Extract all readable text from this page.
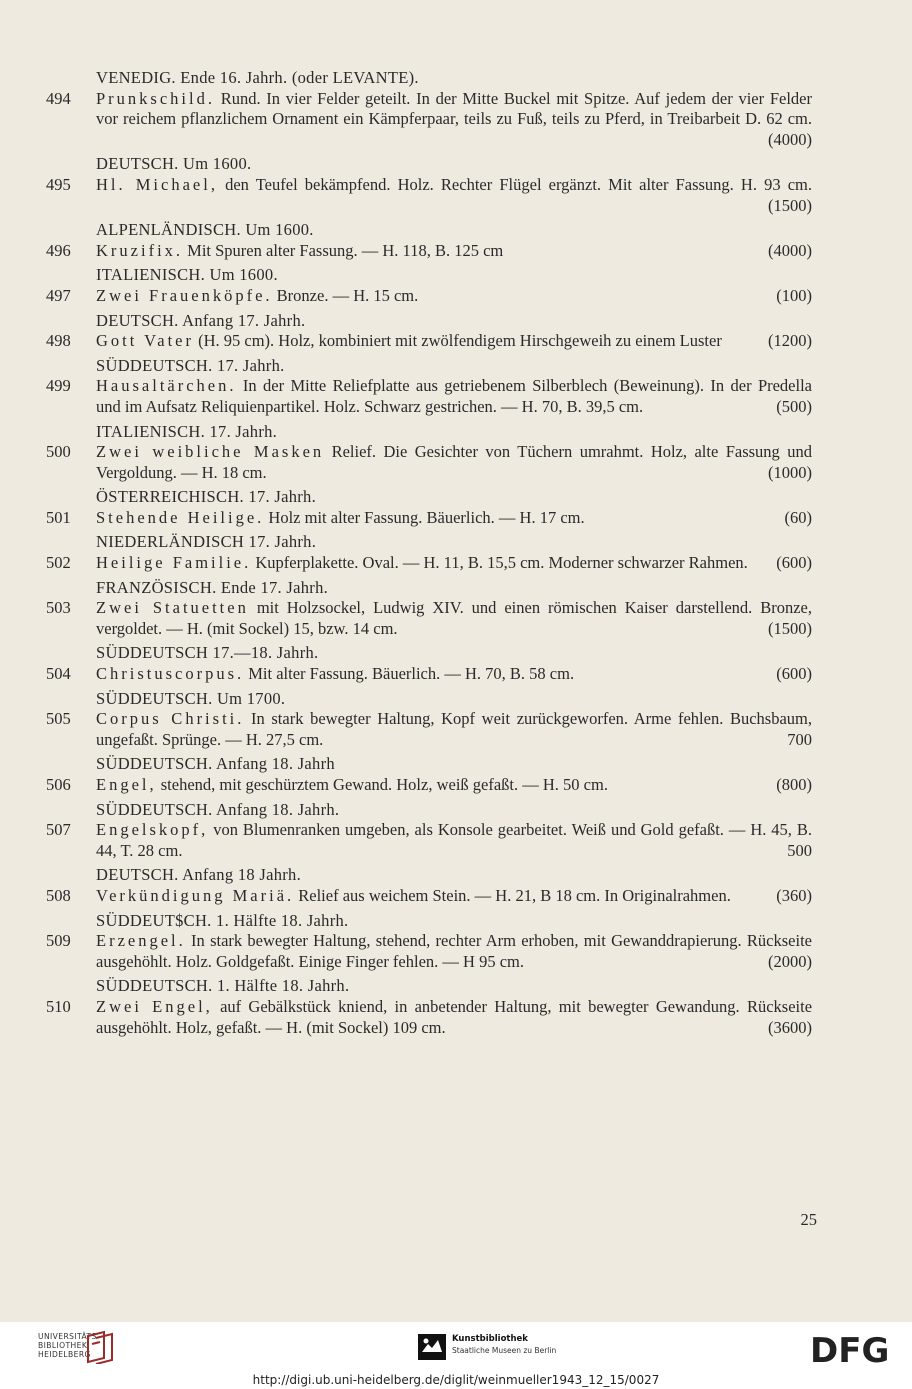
VENEDIG. Ende 16. Jahrh. (oder LEVANTE).
494	Prunkschild. Rund. In vier Felder geteilt. In der Mitte Buckel mit Spitze. Auf jedem der vier Felder vor reichem pflanzlichem Ornament ein Kämpferpaar, teils zu Fuß, teils zu Pferd, in Treibarbeit D. 62 cm.
(4000)
DEUTSCH. Um 1600.
495	Hl. Michael, den Teufel bekämpfend. Holz. Rechter Flügel ergänzt. Mit alter Fassung. H. 93 cm.
(1500)
ALPENLÄNDISCH. Um 1600.
496	Kruzifix. Mit Spuren alter Fassung. — H. 118, B. 125 cm	(4000)
ITALIENISCH. Um 1600.
497	Zwei Frauenköpfe. Bronze. — H. 15 cm.	(100)
DEUTSCH. Anfang 17. Jahrh.
498	Gott Vater (H. 95 cm). Holz, kombiniert mit zwölfendigem Hirschgeweih zu einem Luster	(1200)
SÜDDEUTSCH. 17. Jahrh.
499	Hausaltärchen. In der Mitte Reliefplatte aus getriebenem Silberblech (Beweinung). In der Predella und im Aufsatz Reliquienpartikel. Holz. Schwarz gestrichen. — H. 70, B. 39,5 cm.	(500)
ITALIENISCH. 17. Jahrh.
500	Zwei weibliche Masken Relief. Die Gesichter von Tüchern umrahmt. Holz, alte Fassung und Vergoldung. — H. 18 cm.	(1000)
ÖSTERREICHISCH. 17. Jahrh.
501	Stehende Heilige. Holz mit alter Fassung. Bäuerlich. — H. 17 cm.	(60)
NIEDERLÄNDISCH 17. Jahrh.
502	Heilige Familie. Kupferplakette. Oval. — H. 11, B. 15,5 cm. Moderner schwarzer Rahmen. (600)
FRANZÖSISCH. Ende 17. Jahrh.
503	Zwei Statuetten mit Holzsockel, Ludwig XIV. und einen römischen Kaiser darstellend. Bronze, vergoldet. — H. (mit Sockel) 15, bzw. 14 cm.	(1500)
SÜDDEUTSCH 17.—18. Jahrh.
504	Christuscorpus. Mit alter Fassung. Bäuerlich. — H. 70, B. 58 cm.	(600)
SÜDDEUTSCH. Um 1700.
505	Corpus Christi. In stark bewegter Haltung, Kopf weit zurückgeworfen. Arme fehlen. Buchsbaum, ungefaßt. Sprünge. — H. 27,5 cm.	700
SÜDDEUTSCH. Anfang 18. Jahrh
506	Engel, stehend, mit geschürztem Gewand. Holz, weiß gefaßt. — H. 50 cm.	(800)
SÜDDEUTSCH. Anfang 18. Jahrh.
507	Engelskopf, von Blumenranken umgeben, als Konsole gearbeitet. Weiß und Gold gefaßt. — H. 45, B. 44, T. 28 cm.	500
DEUTSCH. Anfang 18 Jahrh.
508	Verkündigung Mariä. Relief aus weichem Stein. — H. 21, B 18 cm. In Originalrahmen.	(360)
SÜDDEUT$CH. 1. Hälfte 18. Jahrh.
509	Erzengel. In stark bewegter Haltung, stehend, rechter Arm erhoben, mit Gewanddrapierung. Rückseite ausgehöhlt. Holz. Goldgefaßt. Einige Finger fehlen. — H 95 cm.	(2000)
SÜDDEUTSCH. 1. Hälfte 18. Jahrh.
510	Zwei Engel, auf Gebälkstück kniend, in anbetender Haltung, mit bewegter Gewandung. Rückseite ausgehöhlt. Holz, gefaßt. — H. (mit Sockel) 109 cm.	(3600)
25
UNIVERSITÄTS-
BIBLIOTHEK
HEIDELBERG
Kunstbibliothek
Staatliche Museen zu Berlin	DFG
http://digi.ub.uni-heidelberg.de/diglit/weinmueller1943_12_15/0027
